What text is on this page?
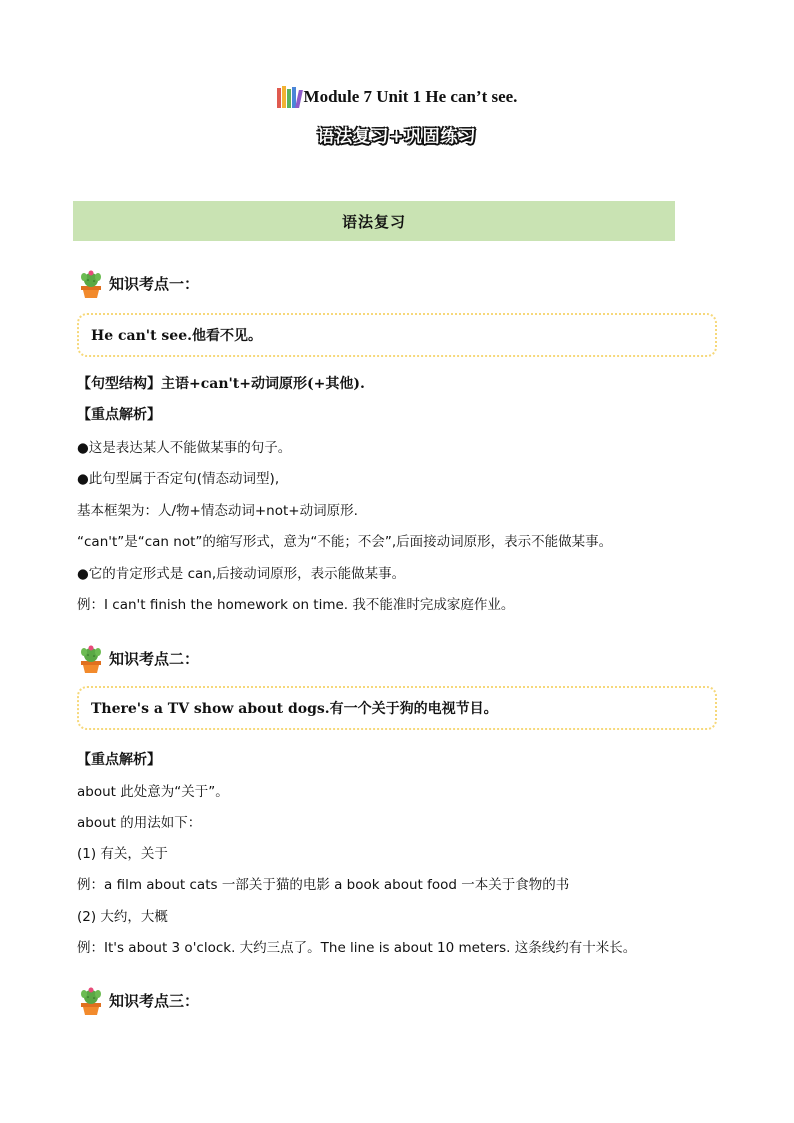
Module 7 Unit 1 He can’t see.
语法复习+巩固练习
语法复习
知识考点一：
He can't see.他看不见。
【句型结构】主语+can't+动词原形(+其他).
【重点解析】
●这是表达某人不能做某事的句子。
●此句型属于否定句(情态动词型),
基本框架为：人/物+情态动词+not+动词原形.
“can't”是“can not”的缩写形式，意为“不能；不会”,后面接动词原形，表示不能做某事。
●它的肯定形式是 can,后接动词原形，表示能做某事。
例：I can't finish the homework on time. 我不能准时完成家庭作业。
知识考点二：
There's a TV show about dogs.有一个关于狗的电视节目。
【重点解析】
about 此处意为“关于”。
about 的用法如下：
(1) 有关，关于
例：a film about cats 一部关于猫的电影 a book about food 一本关于食物的书
(2) 大约，大概
例：It's about 3 o'clock. 大约三点了。The line is about 10 meters. 这条线约有十米长。
知识考点三：
